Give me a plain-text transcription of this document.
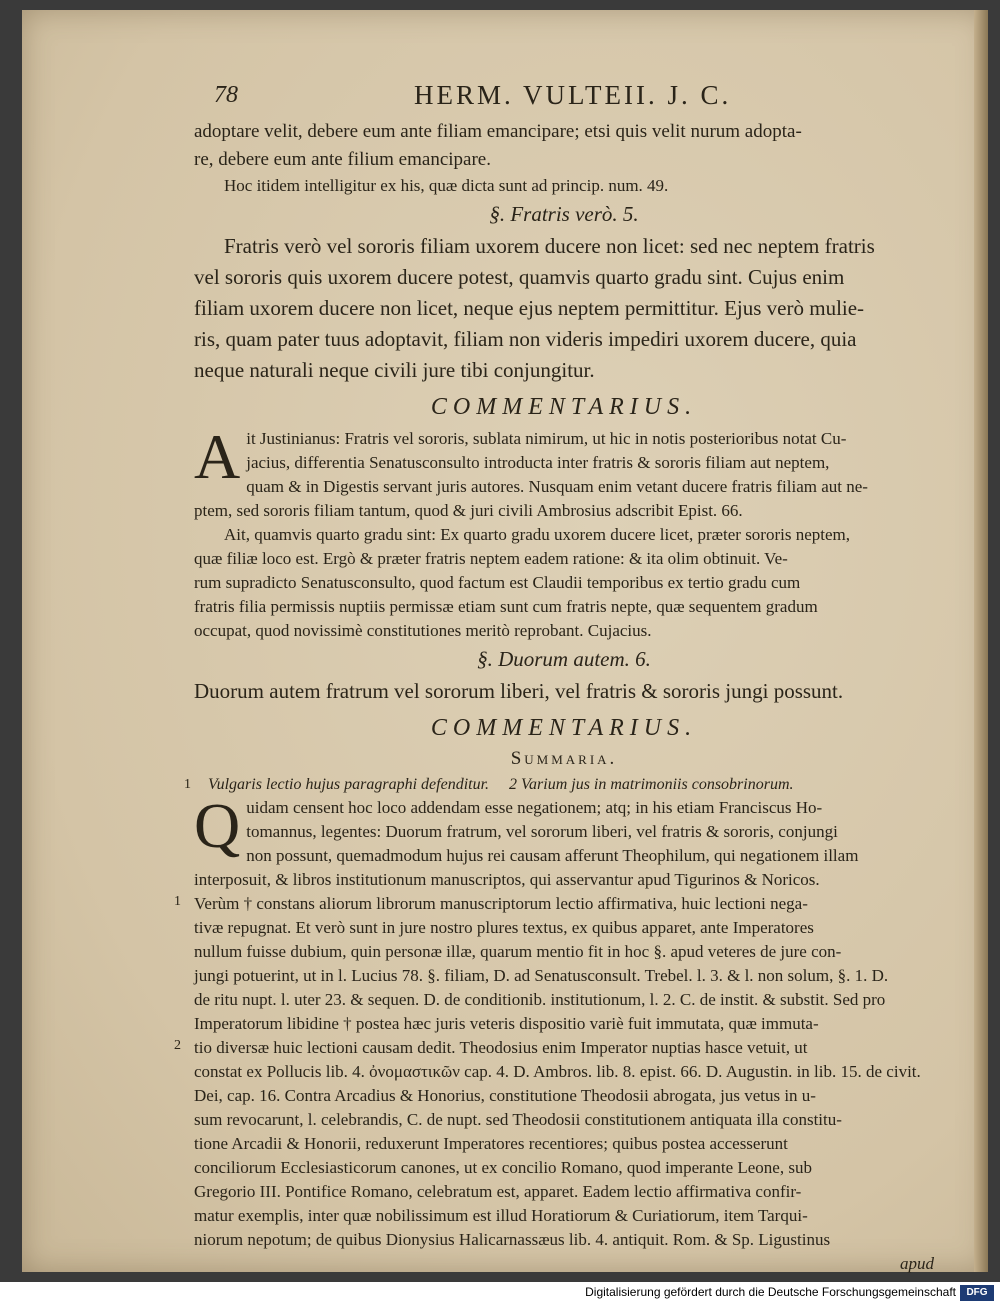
78	HERM. VULTEII. J. C.

adoptare velit, debere eum ante filiam emancipare; etsi quis velit nurum adopta-

re, debere eum ante filium emancipare.

Hoc itidem intelligitur ex his, quæ dicta sunt ad princip. num. 49.

§. Fratris verò. 5.

Fratris verò vel sororis filiam uxorem ducere non licet: sed nec neptem fratris

vel sororis quis uxorem ducere potest, quamvis quarto gradu sint. Cujus enim

filiam uxorem ducere non licet, neque ejus neptem permittitur. Ejus verò mulie-

ris, quam pater tuus adoptavit, filiam non videris impediri uxorem ducere, quia

neque naturali neque civili jure tibi conjungitur.

COMMENTARIUS.
A it Justinianus: Fratris vel sororis, sublata nimirum, ut hic in notis posterioribus notat Cu-

jacius, differentia Senatusconsulto introducta inter fratris & sororis filiam aut neptem,

quam & in Digestis servant juris autores. Nusquam enim vetant ducere fratris filiam aut ne-

ptem, sed sororis filiam tantum, quod & juri civili Ambrosius adscribit Epist. 66.

Ait, quamvis quarto gradu sint: Ex quarto gradu uxorem ducere licet, præter sororis neptem,

quæ filiæ loco est. Ergò & præter fratris neptem eadem ratione: & ita olim obtinuit. Ve-

rum supradicto Senatusconsulto, quod factum est Claudii temporibus ex tertio gradu cum

fratris filia permissis nuptiis permissæ etiam sunt cum fratris nepte, quæ sequentem gradum

occupat, quod novissimè constitutiones meritò reprobant. Cujacius.

§. Duorum autem. 6.

Duorum autem fratrum vel sororum liberi, vel fratris & sororis jungi possunt.

COMMENTARIUS.
Summaria.
1 Vulgaris lectio hujus paragraphi defenditur. 2 Varium jus in matrimoniis consobrinorum.
Q
1
2

uidam censent hoc loco addendam esse negationem; atq; in his etiam Franciscus Ho-

tomannus, legentes: Duorum fratrum, vel sororum liberi, vel fratris & sororis, conjungi

non possunt, quemadmodum hujus rei causam afferunt Theophilum, qui negationem illam

interposuit, & libros institutionum manuscriptos, qui asservantur apud Tigurinos & Noricos.

Verùm † constans aliorum librorum manuscriptorum lectio affirmativa, huic lectioni nega-

tivæ repugnat. Et verò sunt in jure nostro plures textus, ex quibus apparet, ante Imperatores

nullum fuisse dubium, quin personæ illæ, quarum mentio fit in hoc §. apud veteres de jure con-

jungi potuerint, ut in l. Lucius 78. §. filiam, D. ad Senatusconsult. Trebel. l. 3. & l. non solum, §. 1. D.

de ritu nupt. l. uter 23. & sequen. D. de conditionib. institutionum, l. 2. C. de instit. & substit. Sed pro

Imperatorum libidine † postea hæc juris veteris dispositio variè fuit immutata, quæ immuta-

tio diversæ huic lectioni causam dedit. Theodosius enim Imperator nuptias hasce vetuit, ut

constat ex Pollucis lib. 4. ὀνομαστικῶν cap. 4. D. Ambros. lib. 8. epist. 66. D. Augustin. in lib. 15. de civit.

Dei, cap. 16. Contra Arcadius & Honorius, constitutione Theodosii abrogata, jus vetus in u-

sum revocarunt, l. celebrandis, C. de nupt. sed Theodosii constitutionem antiquata illa constitu-

tione Arcadii & Honorii, reduxerunt Imperatores recentiores; quibus postea accesserunt

conciliorum Ecclesiasticorum canones, ut ex concilio Romano, quod imperante Leone, sub

Gregorio III. Pontifice Romano, celebratum est, apparet. Eadem lectio affirmativa confir-

matur exemplis, inter quæ nobilissimum est illud Horatiorum & Curiatiorum, item Tarqui-

niorum nepotum; de quibus Dionysius Halicarnassæus lib. 4. antiquit. Rom. & Sp. Ligustinus

apud

Digitalisierung gefördert durch die Deutsche Forschungsgemeinschaft	DFG
